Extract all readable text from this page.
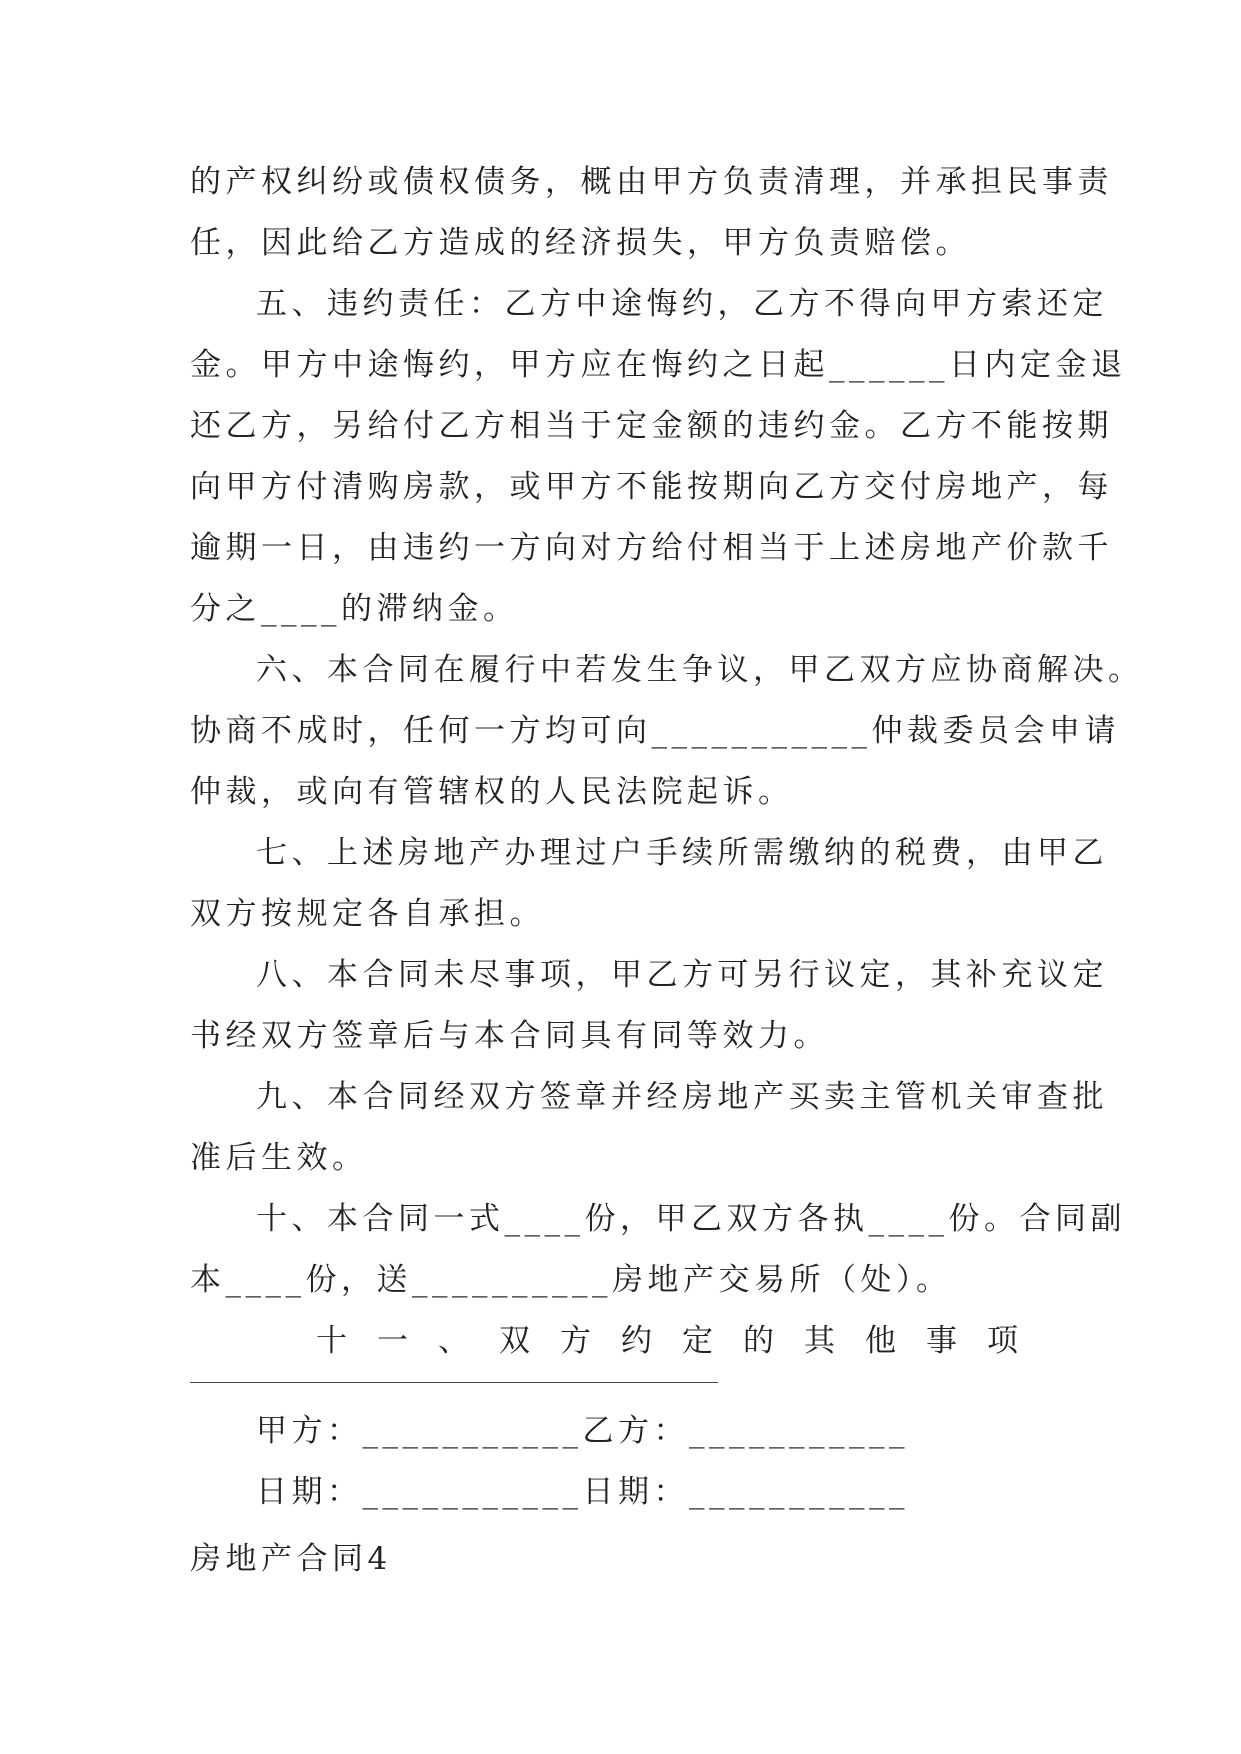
的产权纠纷或债权债务，概由甲方负责清理，并承担民事责
任，因此给乙方造成的经济损失，甲方负责赔偿。
五、违约责任：乙方中途悔约，乙方不得向甲方索还定
金。甲方中途悔约，甲方应在悔约之日起______日内定金退
还乙方，另给付乙方相当于定金额的违约金。乙方不能按期
向甲方付清购房款，或甲方不能按期向乙方交付房地产，每
逾期一日，由违约一方向对方给付相当于上述房地产价款千
分之____的滞纳金。
六、本合同在履行中若发生争议，甲乙双方应协商解决。
协商不成时，任何一方均可向___________仲裁委员会申请
仲裁，或向有管辖权的人民法院起诉。
七、上述房地产办理过户手续所需缴纳的税费，由甲乙
双方按规定各自承担。
八、本合同未尽事项，甲乙方可另行议定，其补充议定
书经双方签章后与本合同具有同等效力。
九、本合同经双方签章并经房地产买卖主管机关审查批
准后生效。
十、本合同一式____份，甲乙双方各执____份。合同副
本____份，送__________房地产交易所（处）。
十一、双方约定的其他事项
甲方：___________乙方：___________
日期：___________日期：___________
房地产合同4
